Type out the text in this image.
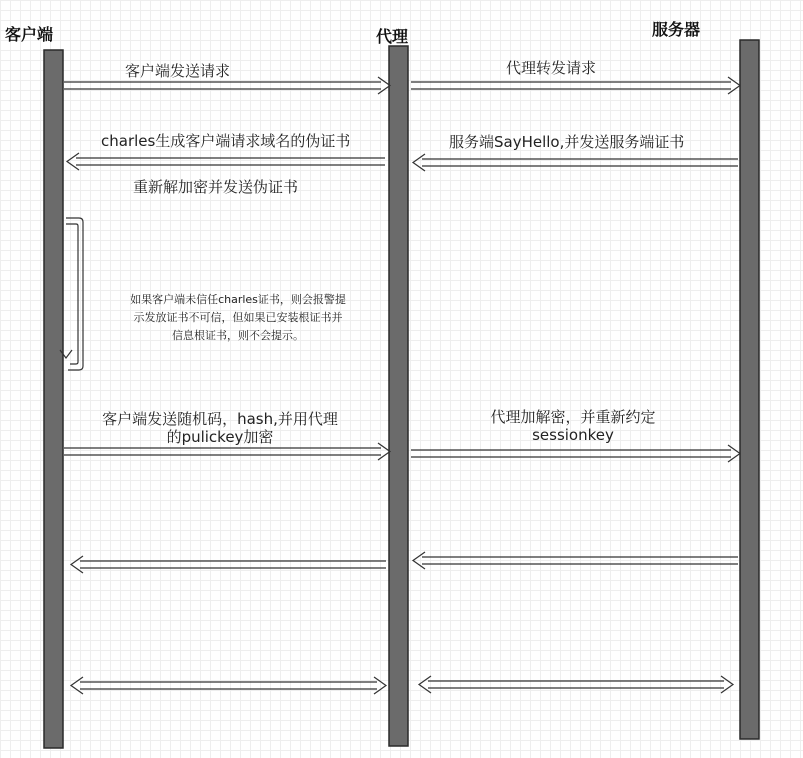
客户端	代理	服务器
客户端发送请求	代理转发请求
charles生成客户端请求域名的伪证书	服务端SayHello,并发送服务端证书
重新解加密并发送伪证书
如果客户端未信任charles证书，则会报警提
示发放证书不可信，但如果已安装根证书并
信息根证书，则不会提示。
客户端发送随机码，hash,并用代理
的pulickey加密
代理加解密，并重新约定
sessionkey
